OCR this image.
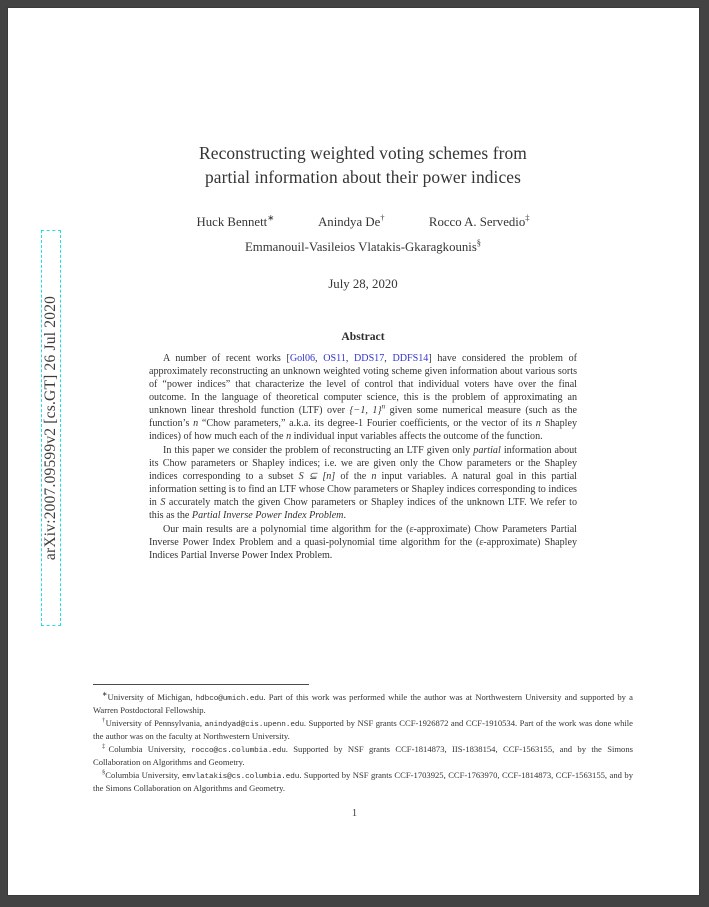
arXiv:2007.09599v2 [cs.GT] 26 Jul 2020
Reconstructing weighted voting schemes from
partial information about their power indices
Huck Bennett∗	Anindya De†	Rocco A. Servedio‡
Emmanouil-Vasileios Vlatakis-Gkaragkounis§
July 28, 2020
Abstract

A number of recent works [Gol06, OS11, DDS17, DDFS14] have considered the problem of approximately reconstructing an unknown weighted voting scheme given information about various sorts of “power indices” that characterize the level of control that individual voters have over the final outcome. In the language of theoretical computer science, this is the problem of approximating an unknown linear threshold function (LTF) over {−1, 1}$^n$ given some numerical measure (such as the function’s n “Chow parameters,” a.k.a. its degree-1 Fourier coefficients, or the vector of its n Shapley indices) of how much each of the n individual input variables affects the outcome of the function.

In this paper we consider the problem of reconstructing an LTF given only partial information about its Chow parameters or Shapley indices; i.e. we are given only the Chow parameters or the Shapley indices corresponding to a subset S ⊆ [n] of the n input variables. A natural goal in this partial information setting is to find an LTF whose Chow parameters or Shapley indices corresponding to indices in S accurately match the given Chow parameters or Shapley indices of the unknown LTF. We refer to this as the Partial Inverse Power Index Problem.

Our main results are a polynomial time algorithm for the (ε-approximate) Chow Parameters Partial Inverse Power Index Problem and a quasi-polynomial time algorithm for the (ε-approximate) Shapley Indices Partial Inverse Power Index Problem.

∗University of Michigan, hdbco@umich.edu. Part of this work was performed while the author was at Northwestern University and supported by a Warren Postdoctoral Fellowship.
†University of Pennsylvania, anindyad@cis.upenn.edu. Supported by NSF grants CCF-1926872 and CCF-1910534. Part of the work was done while the author was on the faculty at Northwestern University.
‡Columbia University, rocco@cs.columbia.edu. Supported by NSF grants CCF-1814873, IIS-1838154, CCF-1563155, and by the Simons Collaboration on Algorithms and Geometry.
§Columbia University, emvlatakis@cs.columbia.edu. Supported by NSF grants CCF-1703925, CCF-1763970, CCF-1814873, CCF-1563155, and by the Simons Collaboration on Algorithms and Geometry.
1
